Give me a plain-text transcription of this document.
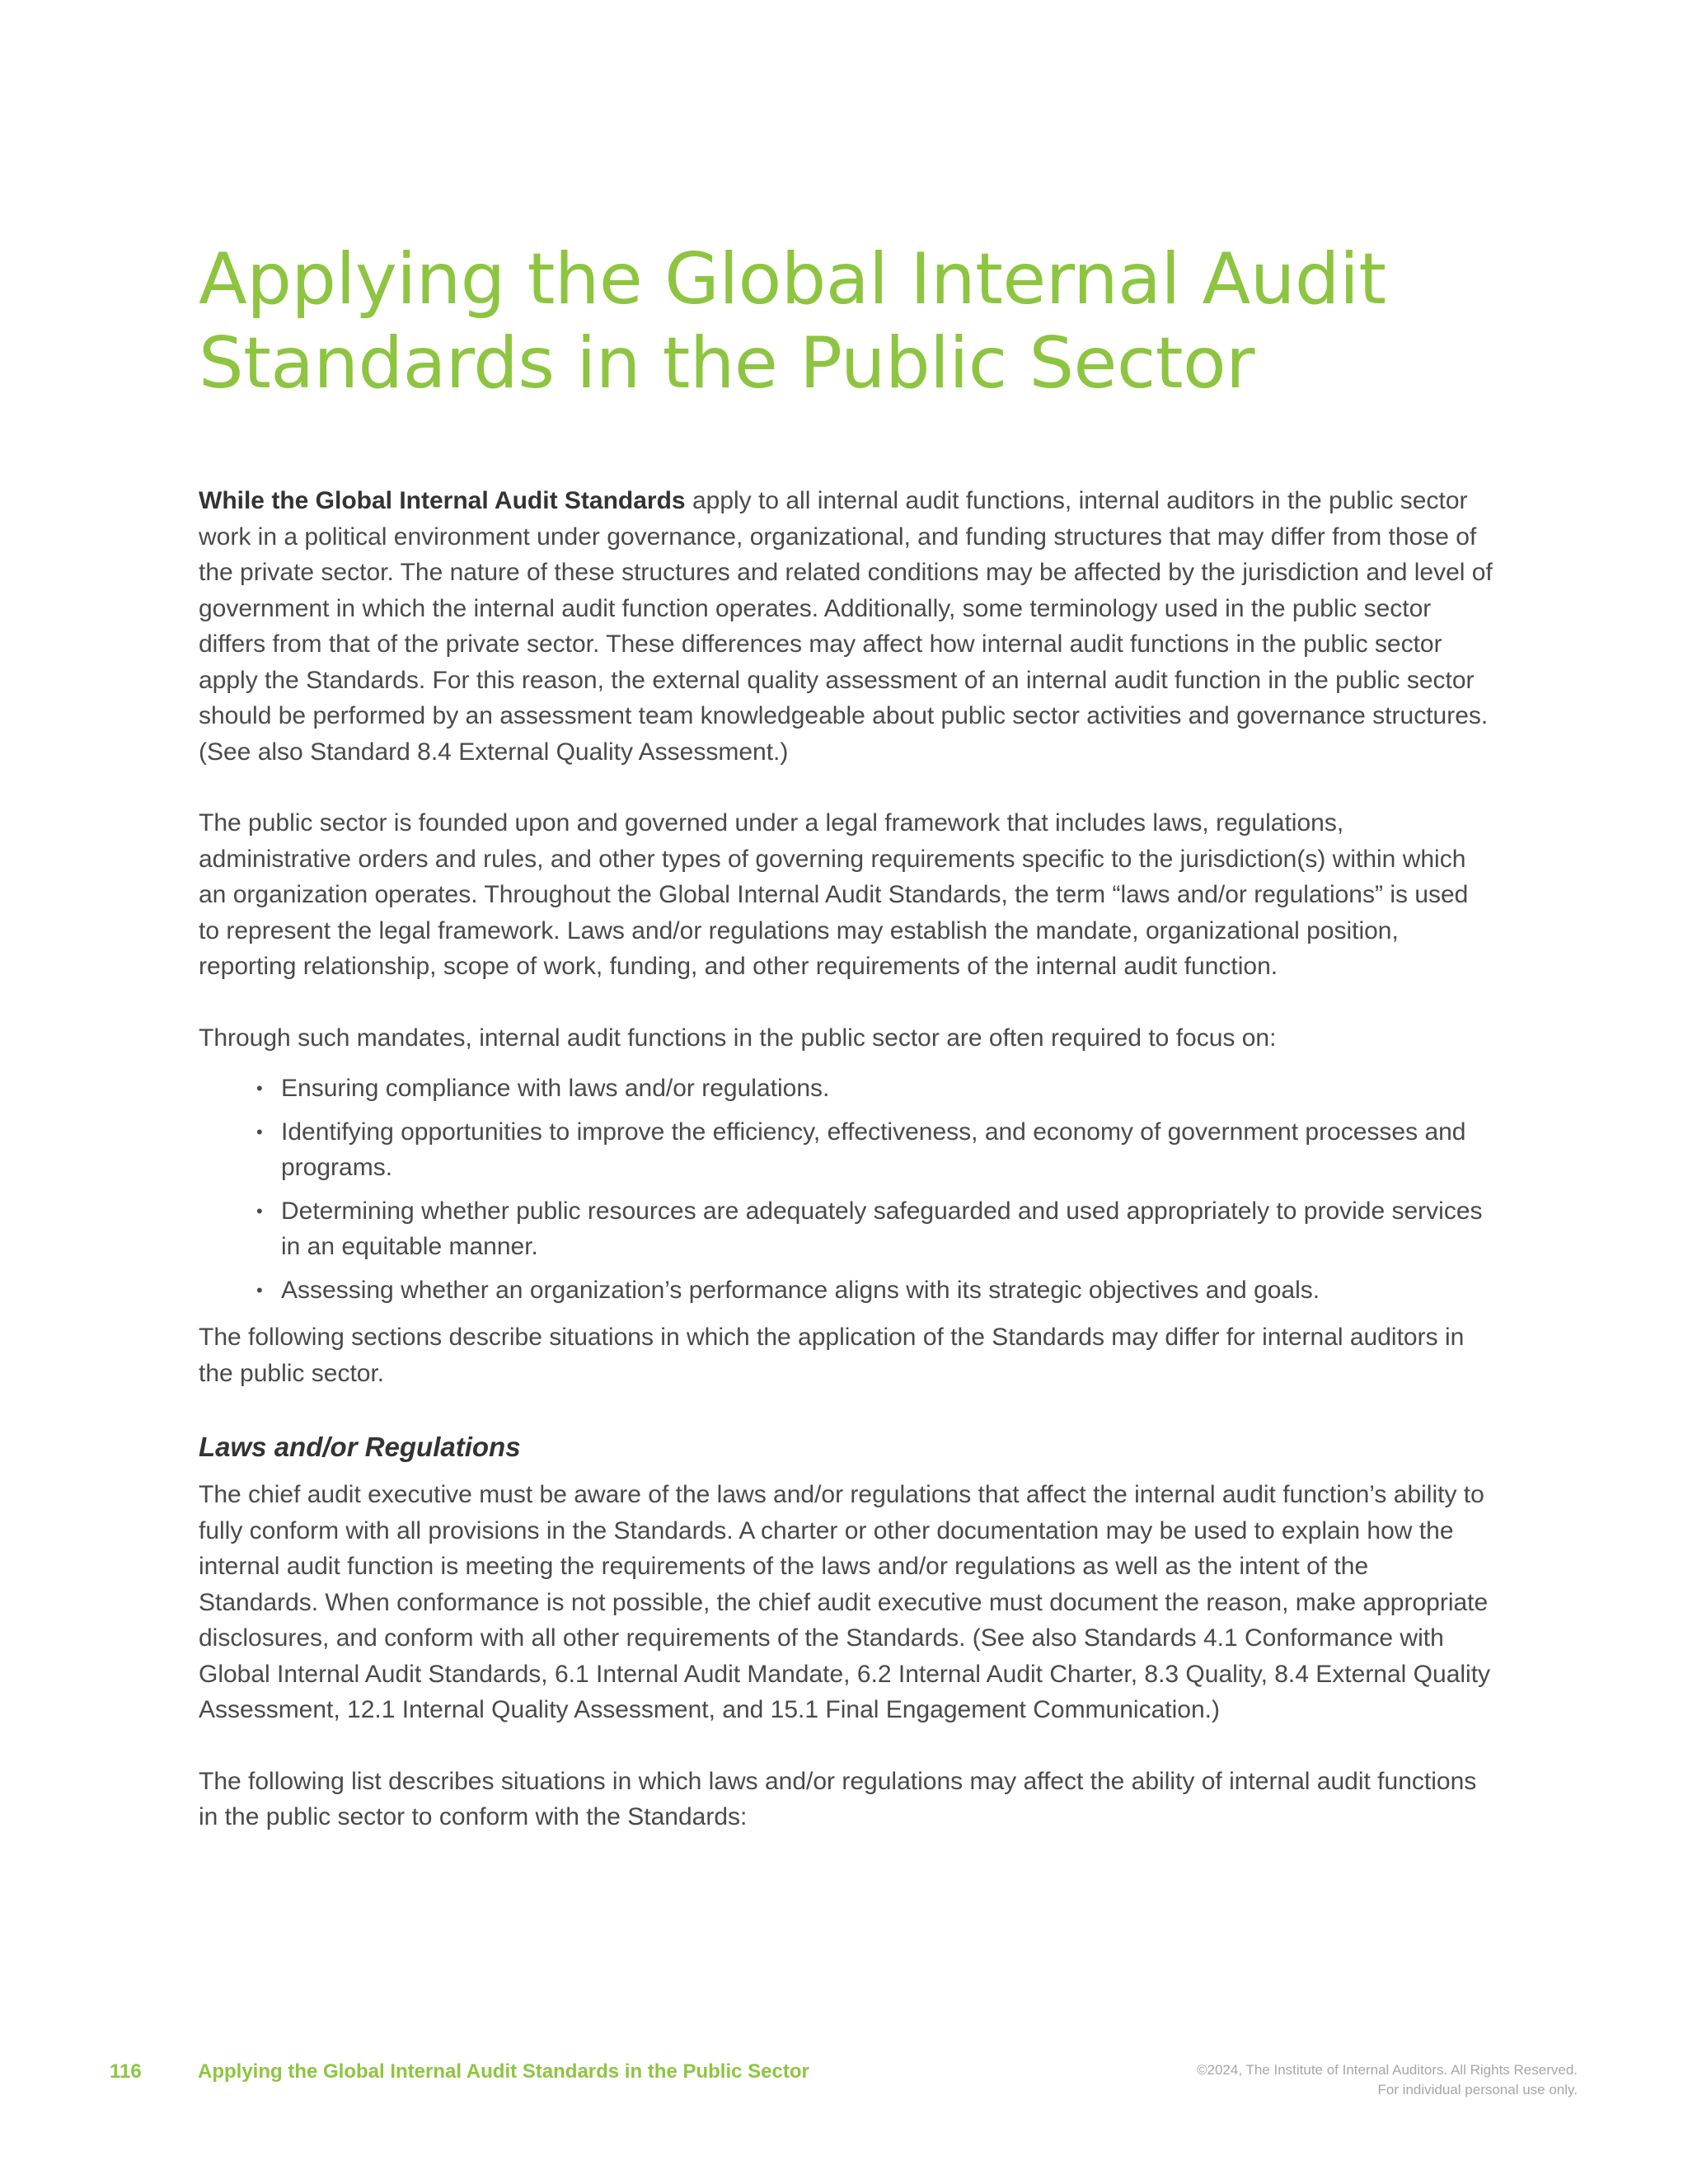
Applying the Global Internal Audit
Standards in the Public Sector

While the Global Internal Audit Standards apply to all internal audit functions, internal auditors in the public sector work in a political environment under governance, organizational, and funding structures that may differ from those of the private sector. The nature of these structures and related conditions may be affected by the jurisdiction and level of government in which the internal audit function operates. Additionally, some terminology used in the public sector differs from that of the private sector. These differences may affect how internal audit functions in the public sector apply the Standards. For this reason, the external quality assessment of an internal audit function in the public sector should be performed by an assessment team knowledgeable about public sector activities and governance structures. (See also Standard 8.4 External Quality Assessment.)

The public sector is founded upon and governed under a legal framework that includes laws, regulations, administrative orders and rules, and other types of governing requirements specific to the jurisdiction(s) within which an organization operates. Throughout the Global Internal Audit Standards, the term “laws and/or regulations” is used to represent the legal framework. Laws and/or regulations may establish the mandate, organizational position, reporting relationship, scope of work, funding, and other requirements of the internal audit function.

Through such mandates, internal audit functions in the public sector are often required to focus on:

• Ensuring compliance with laws and/or regulations.
• Identifying opportunities to improve the efficiency, effectiveness, and economy of government processes and programs.
• Determining whether public resources are adequately safeguarded and used appropriately to provide services in an equitable manner.
• Assessing whether an organization’s performance aligns with its strategic objectives and goals.

The following sections describe situations in which the application of the Standards may differ for internal auditors in the public sector.

Laws and/or Regulations

The chief audit executive must be aware of the laws and/or regulations that affect the internal audit function’s ability to fully conform with all provisions in the Standards. A charter or other documentation may be used to explain how the internal audit function is meeting the requirements of the laws and/or regulations as well as the intent of the Standards. When conformance is not possible, the chief audit executive must document the reason, make appropriate disclosures, and conform with all other requirements of the Standards. (See also Standards 4.1 Conformance with Global Internal Audit Standards, 6.1 Internal Audit Mandate, 6.2 Internal Audit Charter, 8.3 Quality, 8.4 External Quality Assessment, 12.1 Internal Quality Assessment, and 15.1 Final Engagement Communication.)

The following list describes situations in which laws and/or regulations may affect the ability of internal audit functions in the public sector to conform with the Standards:

116	Applying the Global Internal Audit Standards in the Public Sector	©2024, The Institute of Internal Auditors. All Rights Reserved.
For individual personal use only.
